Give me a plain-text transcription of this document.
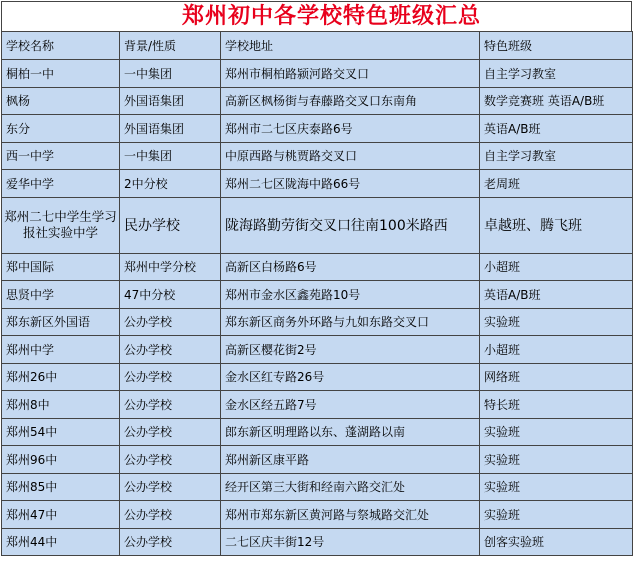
郑州初中各学校特色班级汇总
学校名称	背景/性质	学校地址	特色班级
桐柏一中	一中集团	郑州市桐柏路颍河路交叉口	自主学习教室
枫杨	外国语集团	高新区枫杨街与春藤路交叉口东南角	数学竞赛班 英语A/B班
东分	外国语集团	郑州市二七区庆泰路6号	英语A/B班
西一中学	一中集团	中原西路与桃贾路交叉口	自主学习教室
爱华中学	2中分校	郑州二七区陇海中路66号	老周班
郑州二七中学生学习报社实验中学	民办学校	陇海路勤劳街交叉口往南100米路西	卓越班、腾飞班
郑中国际	郑州中学分校	高新区白杨路6号	小超班
思贤中学	47中分校	郑州市金水区鑫苑路10号	英语A/B班
郑东新区外国语	公办学校	郑东新区商务外环路与九如东路交叉口	实验班
郑州中学	公办学校	高新区樱花街2号	小超班
郑州26中	公办学校	金水区红专路26号	网络班
郑州8中	公办学校	金水区经五路7号	特长班
郑州54中	公办学校	郎东新区明理路以东、蓬湖路以南	实验班
郑州96中	公办学校	郑州新区康平路	实验班
郑州85中	公办学校	经开区第三大街和经南六路交汇处	实验班
郑州47中	公办学校	郑州市郑东新区黄河路与祭城路交汇处	实验班
郑州44中	公办学校	二七区庆丰街12号	创客实验班
